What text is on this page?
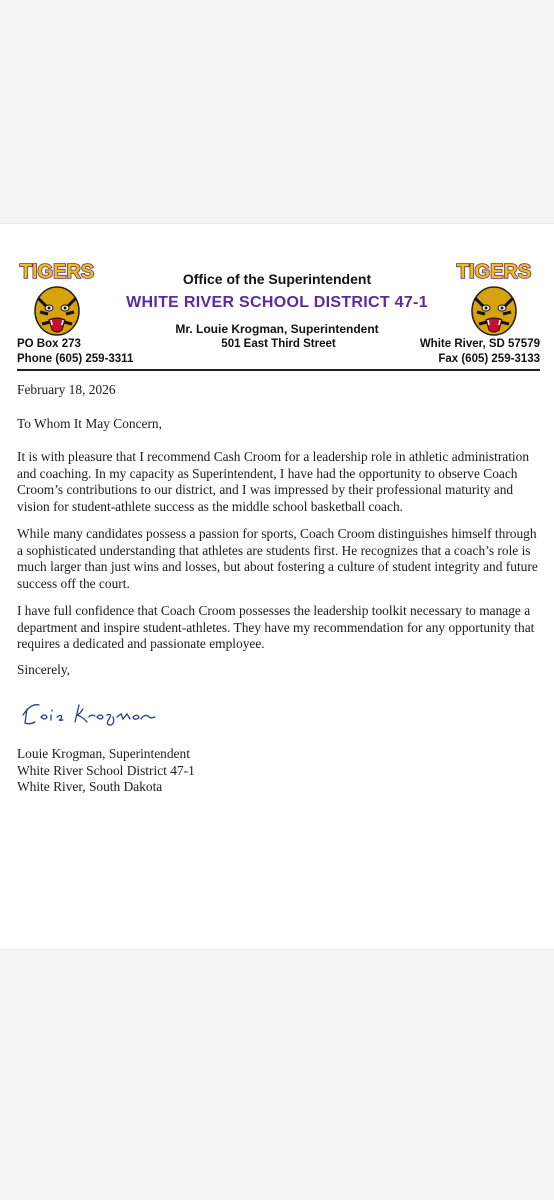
TIGERS	TIGERS
Office of the Superintendent
WHITE RIVER SCHOOL DISTRICT 47-1
Mr. Louie Krogman, Superintendent
PO Box 273
Phone (605) 259-3311
501 East Third Street	White River, SD 57579
Fax (605) 259-3133

February 18, 2026

To Whom It May Concern,

It is with pleasure that I recommend Cash Croom for a leadership role in athletic administration and coaching. In my capacity as Superintendent, I have had the opportunity to observe Coach Croom’s contributions to our district, and I was impressed by their professional maturity and vision for student-athlete success as the middle school basketball coach.

While many candidates possess a passion for sports, Coach Croom distinguishes himself through a sophisticated understanding that athletes are students first. He recognizes that a coach’s role is much larger than just wins and losses, but about fostering a culture of student integrity and future success off the court.

I have full confidence that Coach Croom possesses the leadership toolkit necessary to manage a department and inspire student-athletes. They have my recommendation for any opportunity that requires a dedicated and passionate employee.

Sincerely,

Louie Krogman, Superintendent
White River School District 47-1
White River, South Dakota
